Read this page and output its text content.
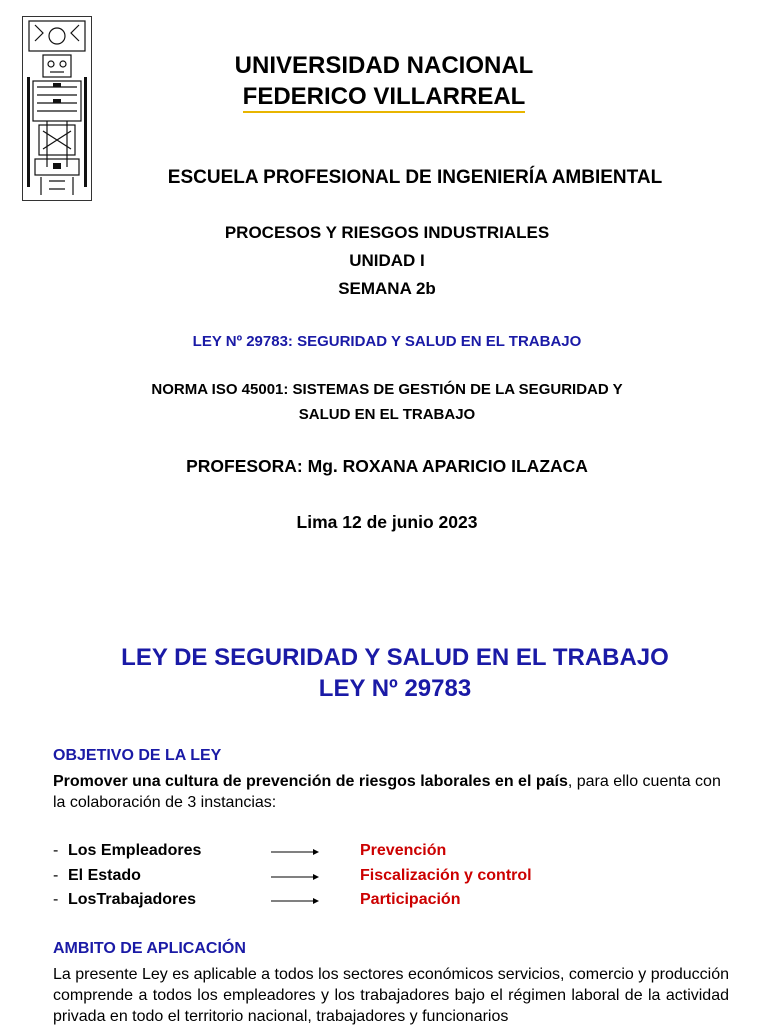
UNIVERSIDAD NACIONAL
FEDERICO VILLARREAL
ESCUELA PROFESIONAL DE INGENIERÍA AMBIENTAL
PROCESOS Y RIESGOS INDUSTRIALES
UNIDAD I
SEMANA 2b
LEY Nº 29783: SEGURIDAD Y SALUD EN EL TRABAJO
NORMA ISO 45001: SISTEMAS DE GESTIÓN DE LA SEGURIDAD Y
SALUD EN EL TRABAJO
PROFESORA: Mg. ROXANA APARICIO ILAZACA
Lima 12 de junio 2023
LEY DE SEGURIDAD Y SALUD EN EL TRABAJO
LEY Nº 29783
OBJETIVO DE LA LEY
Promover una cultura de prevención de riesgos laborales en el país, para ello cuenta con la colaboración de 3 instancias:
- Los Empleadores	Prevención
- El Estado	Fiscalización y control
- LosTrabajadores	Participación
AMBITO DE APLICACIÓN
La presente Ley es aplicable a todos los sectores económicos servicios, comercio y producción comprende a todos los empleadores y los trabajadores bajo el régimen laboral de la actividad privada en todo el territorio nacional, trabajadores y funcionarios
